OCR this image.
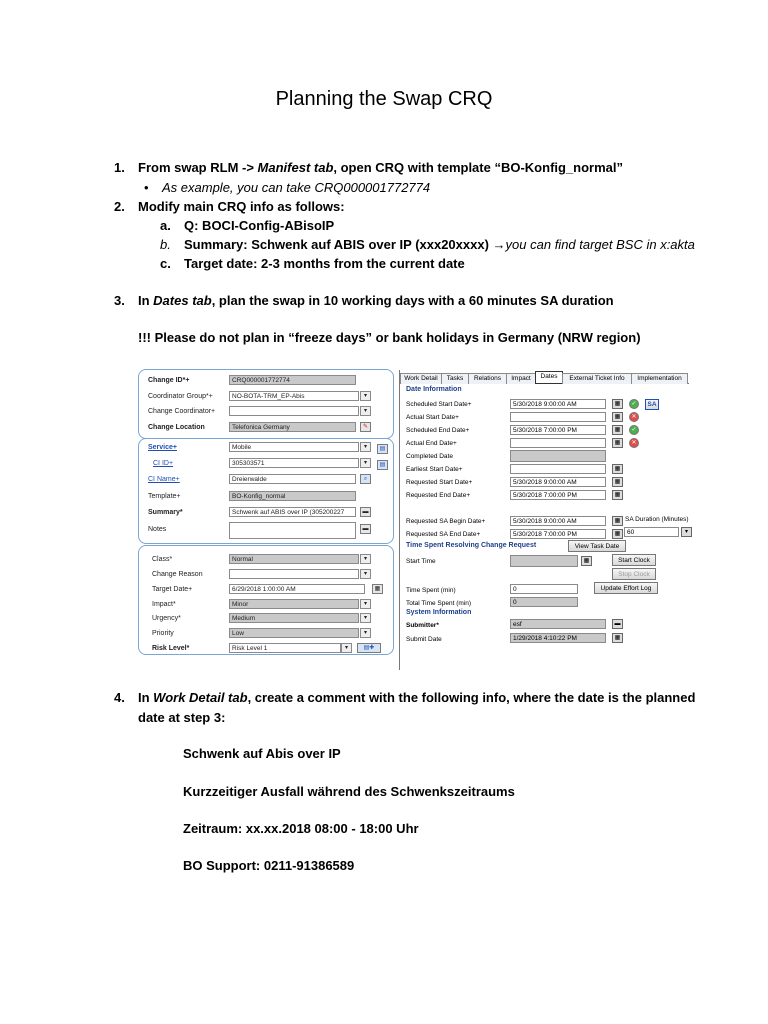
Planning the Swap CRQ
1. From swap RLM -> Manifest tab, open CRQ with template “BO-Konfig_normal”
• As example, you can take CRQ000001772774
2. Modify main CRQ info as follows:
a. Q: BOCI-Config-ABisoIP
b. Summary: Schwenk auf ABIS over IP (xxx20xxxx) →you can find target BSC in x:akta
c. Target date: 2-3 months from the current date
3. In Dates tab, plan the swap in 10 working days with a 60 minutes SA duration
!!! Please do not plan in “freeze days” or bank holidays in Germany (NRW region)
Change ID*+	CRQ000001772774
Coordinator Group*+	NO-BOTA-TRM_EP-Abis	▾
Change Coordinator+	▾
Change Location	Telefonica Germany	✎
Service+	Mobile	▾	▤
CI ID+	305303571	▾	▤
CI Name+	Dreierwalde	⌕
Template+	BO-Konfig_normal
Summary*	Schwenk auf ABIS over IP (305200227	▬
Notes	▬
Class*	Normal	▾
Change Reason	▾
Target Date+	6/29/2018 1:00:00 AM	▦
Impact*	Minor	▾
Urgency*	Medium	▾
Priority	Low	▾
Risk Level*	Risk Level 1	▾	▤✚
Work Detail	Tasks	Relations	Impact	Dates	External Ticket Info	Implementation
Date Information
Scheduled Start Date+	5/30/2018 9:00:00 AM	▦	✓	SA
Actual Start Date+	▦	✕
Scheduled End Date+	5/30/2018 7:00:00 PM	▦	✓
Actual End Date+	▦	✕
Completed Date
Earliest Start Date+	▦
Requested Start Date+	5/30/2018 9:00:00 AM	▦
Requested End Date+	5/30/2018 7:00:00 PM	▦
Requested SA Begin Date+	5/30/2018 9:00:00 AM	▦ SA Duration (Minutes)
Requested SA End Date+	5/30/2018 7:00:00 PM	▦	60	▾
Time Spent Resolving Change Request	View Task Date
Start Time	▦	Start Clock
Stop Clock
Time Spent (min)	0	Update Effort Log
Total Time Spent (min)	0
System Information
Submitter*	esf	▬
Submit Date	1/29/2018 4:10:22 PM	▦
4. In Work Detail tab, create a comment with the following info, where the date is the planned
date at step 3:
Schwenk auf Abis over IP
Kurzzeitiger Ausfall während des Schwenkszeitraums
Zeitraum: xx.xx.2018 08:00 - 18:00 Uhr
BO Support: 0211-91386589
